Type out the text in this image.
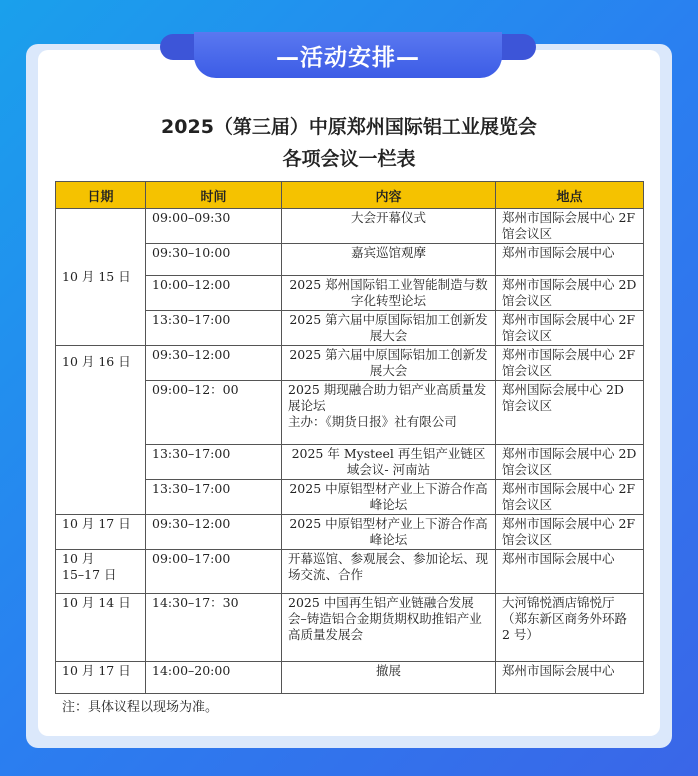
—活动安排—
2025（第三届）中原郑州国际铝工业展览会
各项会议一栏表
日期	时间	内容	地点
10 月 15 日	09:00–09:30	大会开幕仪式	郑州市国际会展中心 2F 馆会议区
	09:30–10:00	嘉宾巡馆观摩	郑州市国际会展中心
	10:00–12:00	2025 郑州国际铝工业智能制造与数字化转型论坛	郑州市国际会展中心 2D 馆会议区
	13:30–17:00	2025 第六届中原国际铝加工创新发展大会	郑州市国际会展中心 2F 馆会议区
10 月 16 日	09:30–12:00	2025 第六届中原国际铝加工创新发展大会	郑州市国际会展中心 2F 馆会议区
	09:00–12：00	2025 期现融合助力铝产业高质量发展论坛
主办：《期货日报》社有限公司	郑州国际会展中心 2D 馆会议区
	13:30–17:00	2025 年 Mysteel 再生铝产业链区域会议- 河南站	郑州市国际会展中心 2D 馆会议区
	13:30–17:00	2025 中原铝型材产业上下游合作高峰论坛	郑州市国际会展中心 2F 馆会议区
10 月 17 日	09:30–12:00	2025 中原铝型材产业上下游合作高峰论坛	郑州市国际会展中心 2F 馆会议区
10 月
15–17 日	09:00–17:00	开幕巡馆、参观展会、参加论坛、现场交流、合作	郑州市国际会展中心
10 月 14 日	14:30–17：30	2025 中国再生铝产业链融合发展会–铸造铝合金期货期权助推铝产业高质量发展会	大河锦悦酒店锦悦厅（郑东新区商务外环路 2 号）
10 月 17 日	14:00–20:00	撤展	郑州市国际会展中心
注：具体议程以现场为准。
